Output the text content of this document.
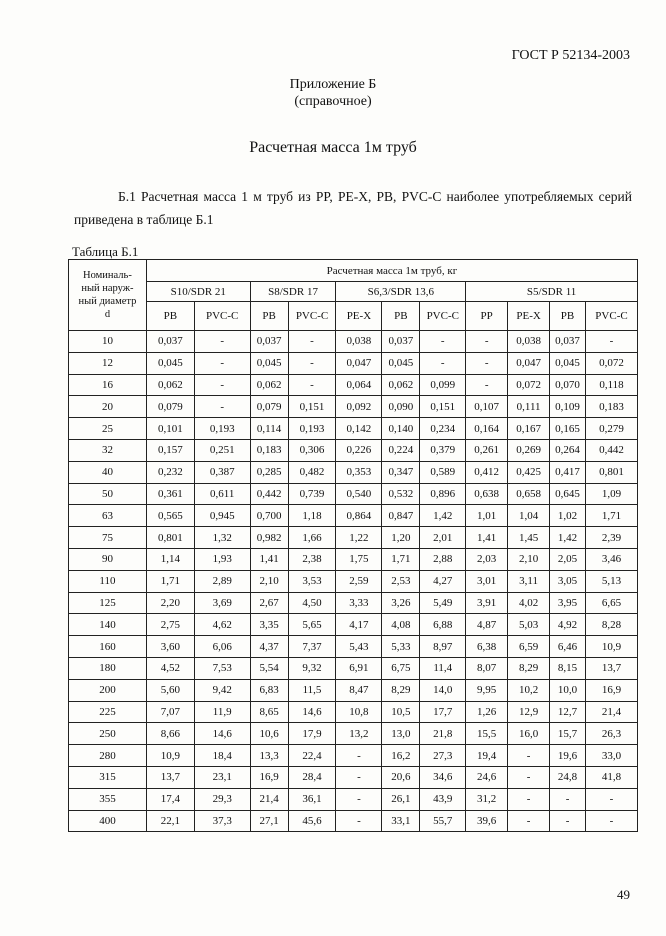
ГОСТ Р 52134-2003
Приложение Б
(справочное)
Расчетная масса 1м труб
Б.1 Расчетная масса 1 м труб из PP, PE-X, PB, PVC-C наиболее употребляемых серий приведена в таблице Б.1
Таблица Б.1
Номиналь-
ный наруж-
ный диаметр
d	Расчетная масса 1м труб, кг										
	S10/SDR 21		S8/SDR 17		S6,3/SDR 13,6			S5/SDR 11			
	PB	PVC-C	PB	PVC-C	PE-X	PB	PVC-C	PP	PE-X	PB	PVC-C
10	0,037	-	0,037	-	0,038	0,037	-	-	0,038	0,037	-
12	0,045	-	0,045	-	0,047	0,045	-	-	0,047	0,045	0,072
16	0,062	-	0,062	-	0,064	0,062	0,099	-	0,072	0,070	0,118
20	0,079	-	0,079	0,151	0,092	0,090	0,151	0,107	0,111	0,109	0,183
25	0,101	0,193	0,114	0,193	0,142	0,140	0,234	0,164	0,167	0,165	0,279
32	0,157	0,251	0,183	0,306	0,226	0,224	0,379	0,261	0,269	0,264	0,442
40	0,232	0,387	0,285	0,482	0,353	0,347	0,589	0,412	0,425	0,417	0,801
50	0,361	0,611	0,442	0,739	0,540	0,532	0,896	0,638	0,658	0,645	1,09
63	0,565	0,945	0,700	1,18	0,864	0,847	1,42	1,01	1,04	1,02	1,71
75	0,801	1,32	0,982	1,66	1,22	1,20	2,01	1,41	1,45	1,42	2,39
90	1,14	1,93	1,41	2,38	1,75	1,71	2,88	2,03	2,10	2,05	3,46
110	1,71	2,89	2,10	3,53	2,59	2,53	4,27	3,01	3,11	3,05	5,13
125	2,20	3,69	2,67	4,50	3,33	3,26	5,49	3,91	4,02	3,95	6,65
140	2,75	4,62	3,35	5,65	4,17	4,08	6,88	4,87	5,03	4,92	8,28
160	3,60	6,06	4,37	7,37	5,43	5,33	8,97	6,38	6,59	6,46	10,9
180	4,52	7,53	5,54	9,32	6,91	6,75	11,4	8,07	8,29	8,15	13,7
200	5,60	9,42	6,83	11,5	8,47	8,29	14,0	9,95	10,2	10,0	16,9
225	7,07	11,9	8,65	14,6	10,8	10,5	17,7	1,26	12,9	12,7	21,4
250	8,66	14,6	10,6	17,9	13,2	13,0	21,8	15,5	16,0	15,7	26,3
280	10,9	18,4	13,3	22,4	-	16,2	27,3	19,4	-	19,6	33,0
315	13,7	23,1	16,9	28,4	-	20,6	34,6	24,6	-	24,8	41,8
355	17,4	29,3	21,4	36,1	-	26,1	43,9	31,2	-	-	-
400	22,1	37,3	27,1	45,6	-	33,1	55,7	39,6	-	-	-
49
